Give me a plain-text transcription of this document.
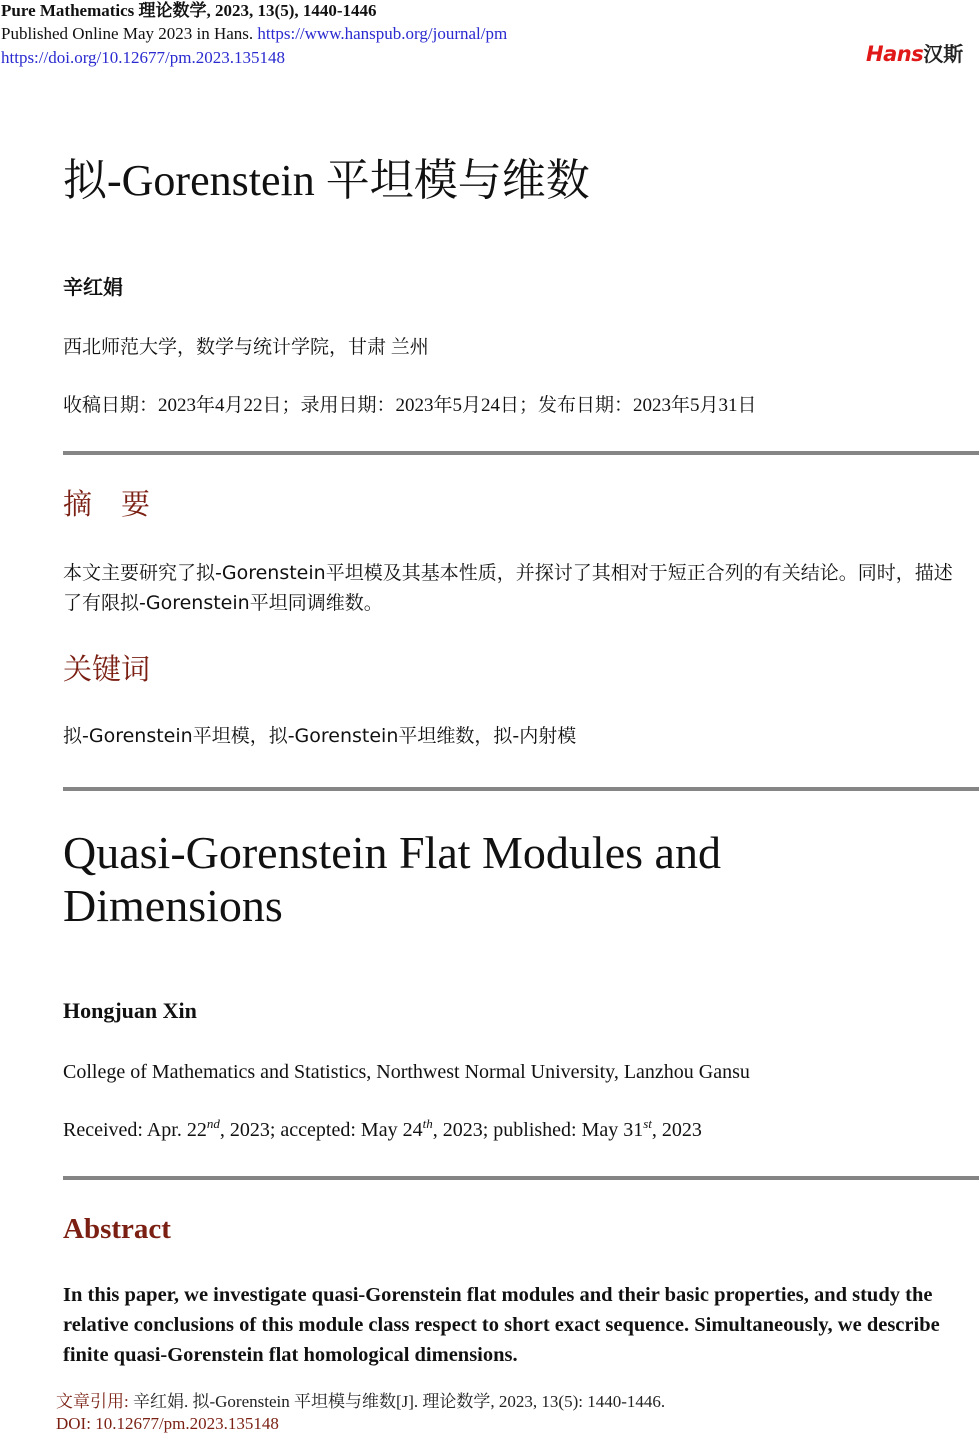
Pure Mathematics 理论数学, 2023, 13(5), 1440-1446
Published Online May 2023 in Hans. https://www.hanspub.org/journal/pm
https://doi.org/10.12677/pm.2023.135148	Hans汉斯
拟-Gorenstein 平坦模与维数
辛红娟
西北师范大学，数学与统计学院，甘肃 兰州
收稿日期：2023年4月22日；录用日期：2023年5月24日；发布日期：2023年5月31日
摘　要
本文主要研究了拟-Gorenstein平坦模及其基本性质，并探讨了其相对于短正合列的有关结论。同时，描述了有限拟-Gorenstein平坦同调维数。
关键词
拟-Gorenstein平坦模，拟-Gorenstein平坦维数，拟-内射模
Quasi-Gorenstein Flat Modules and Dimensions
Hongjuan Xin
College of Mathematics and Statistics, Northwest Normal University, Lanzhou Gansu
Received: Apr. 22nd, 2023; accepted: May 24th, 2023; published: May 31st, 2023
Abstract
In this paper, we investigate quasi-Gorenstein flat modules and their basic properties, and study the relative conclusions of this module class respect to short exact sequence. Simultaneously, we describe finite quasi-Gorenstein flat homological dimensions.
文章引用: 辛红娟. 拟-Gorenstein 平坦模与维数[J]. 理论数学, 2023, 13(5): 1440-1446.
DOI: 10.12677/pm.2023.135148
